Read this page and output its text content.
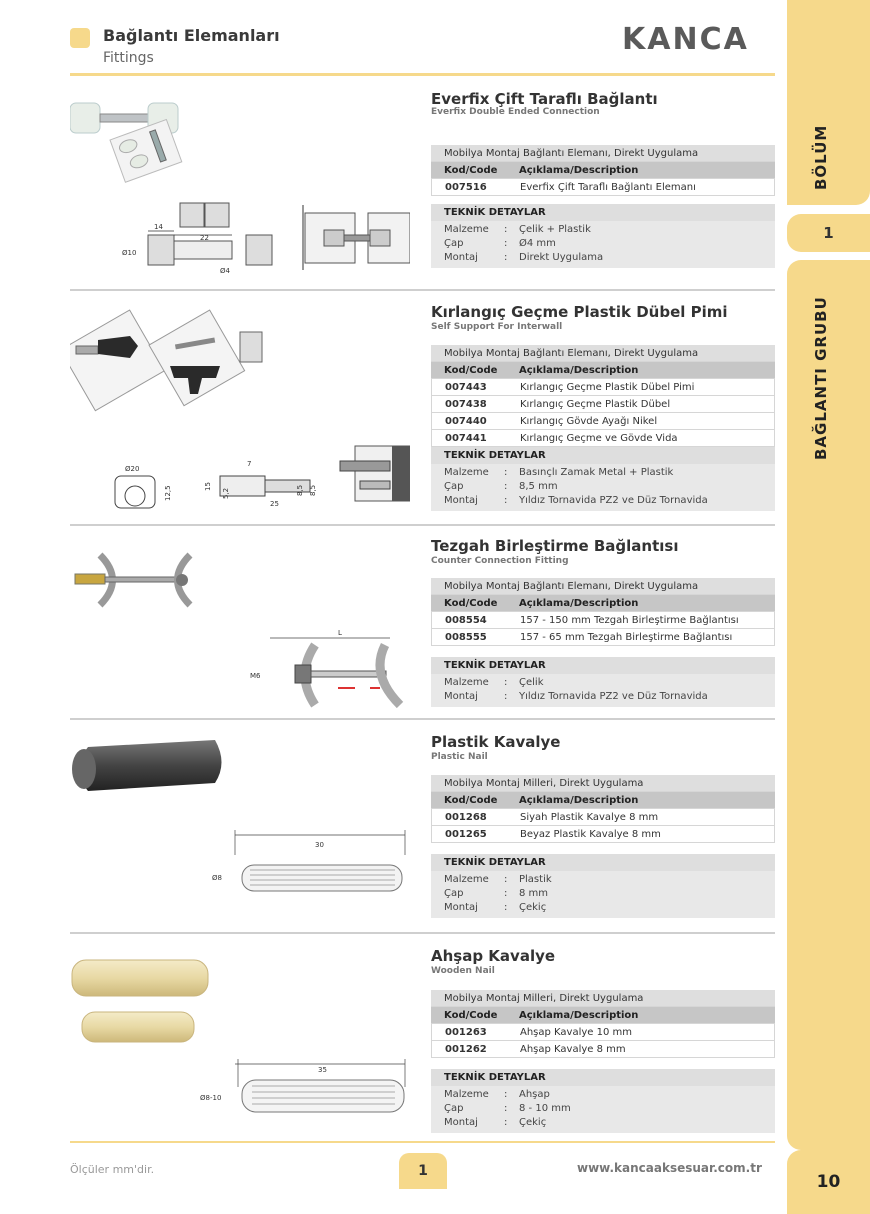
Bağlantı Elemanları
Fittings
KANCA
BÖLÜM
1
BAĞLANTI GRUBU
10
14
22
Ø10
Ø4
Everfix Çift Taraflı Bağlantı
Everfix Double Ended Connection
Mobilya Montaj Bağlantı Elemanı, Direkt Uygulama
Kod/Code Açıklama/Description
007516	Everfix Çift Taraflı Bağlantı Elemanı
TEKNİK DETAYLAR
Malzeme : Çelik + Plastik
Çap	: Ø4 mm
Montaj	: Direkt Uygulama
Ø20
12,5
7
15
5,2	8,5 8,5
25
Kırlangıç Geçme Plastik Dübel Pimi
Self Support For Interwall
Mobilya Montaj Bağlantı Elemanı, Direkt Uygulama
Kod/Code Açıklama/Description
007443	Kırlangıç Geçme Plastik Dübel Pimi
007438	Kırlangıç Geçme Plastik Dübel
007440	Kırlangıç Gövde Ayağı Nikel
007441	Kırlangıç Geçme ve Gövde Vida
TEKNİK DETAYLAR
Malzeme : Basınçlı Zamak Metal + Plastik
Çap	: 8,5 mm
Montaj	: Yıldız Tornavida PZ2 ve Düz Tornavida
L
M6
Tezgah Birleştirme Bağlantısı
Counter Connection Fitting
Mobilya Montaj Bağlantı Elemanı, Direkt Uygulama
Kod/Code Açıklama/Description
008554	157 - 150 mm Tezgah Birleştirme Bağlantısı
008555	157 - 65 mm Tezgah Birleştirme Bağlantısı
TEKNİK DETAYLAR
Malzeme : Çelik
Montaj	: Yıldız Tornavida PZ2 ve Düz Tornavida
30
Ø8
Plastik Kavalye
Plastic Nail
Mobilya Montaj Milleri, Direkt Uygulama
Kod/Code Açıklama/Description
001268	Siyah Plastik Kavalye 8 mm
001265	Beyaz Plastik Kavalye 8 mm
TEKNİK DETAYLAR
Malzeme : Plastik
Çap	: 8 mm
Montaj	: Çekiç
35
Ø8-10
Ahşap Kavalye
Wooden Nail
Mobilya Montaj Milleri, Direkt Uygulama
Kod/Code Açıklama/Description
001263	Ahşap Kavalye 10 mm
001262	Ahşap Kavalye 8 mm
TEKNİK DETAYLAR
Malzeme : Ahşap
Çap	: 8 - 10 mm
Montaj	: Çekiç
Ölçüler mm'dir.	1	www.kancaaksesuar.com.tr
